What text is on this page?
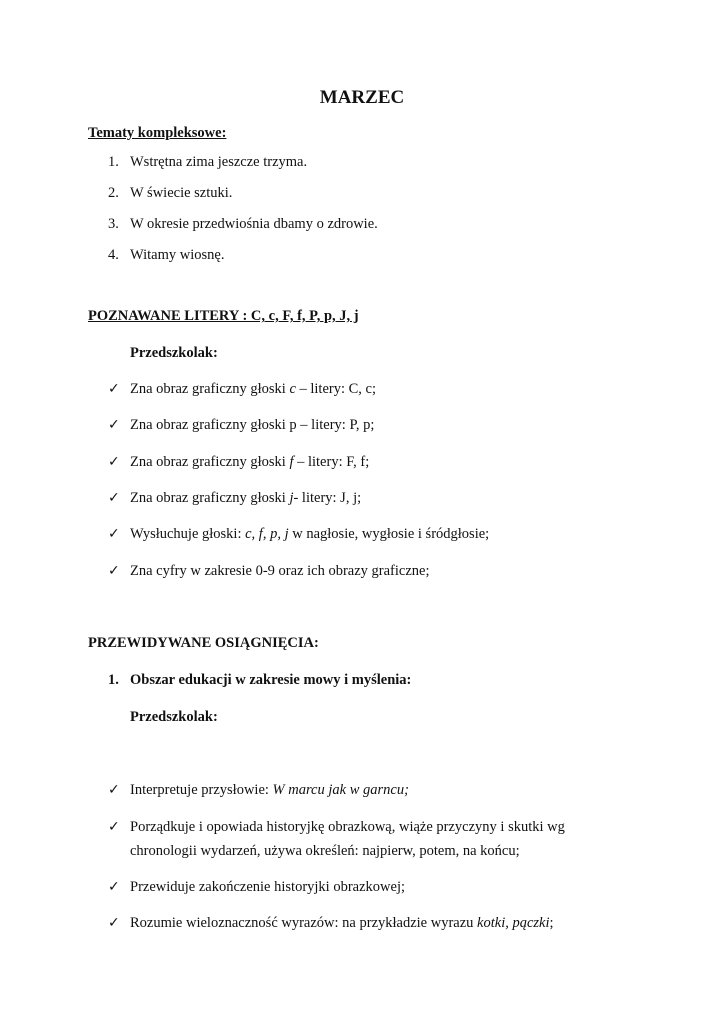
MARZEC
Tematy kompleksowe:
1. Wstrętna zima jeszcze trzyma.
2. W świecie sztuki.
3. W okresie przedwiośnia dbamy o zdrowie.
4. Witamy wiosnę.
POZNAWANE LITERY : C, c, F, f, P, p, J, j
Przedszkolak:
✓ Zna obraz graficzny głoski c – litery: C, c;
✓ Zna obraz graficzny głoski p – litery: P, p;
✓ Zna obraz graficzny głoski f – litery: F, f;
✓ Zna obraz graficzny głoski j- litery: J, j;
✓ Wysłuchuje głoski: c, f, p, j w nagłosie, wygłosie i śródgłosie;
✓ Zna cyfry w zakresie 0-9 oraz ich obrazy graficzne;
PRZEWIDYWANE OSIĄGNIĘCIA:
1. Obszar edukacji w zakresie mowy i myślenia:
Przedszkolak:
✓ Interpretuje przysłowie: W marcu jak w garncu;
✓ Porządkuje i opowiada historyjkę obrazkową, wiąże przyczyny i skutki wg
chronologii wydarzeń, używa określeń: najpierw, potem, na końcu;
✓ Przewiduje zakończenie historyjki obrazkowej;
✓ Rozumie wieloznaczność wyrazów: na przykładzie wyrazu kotki, pączki;
